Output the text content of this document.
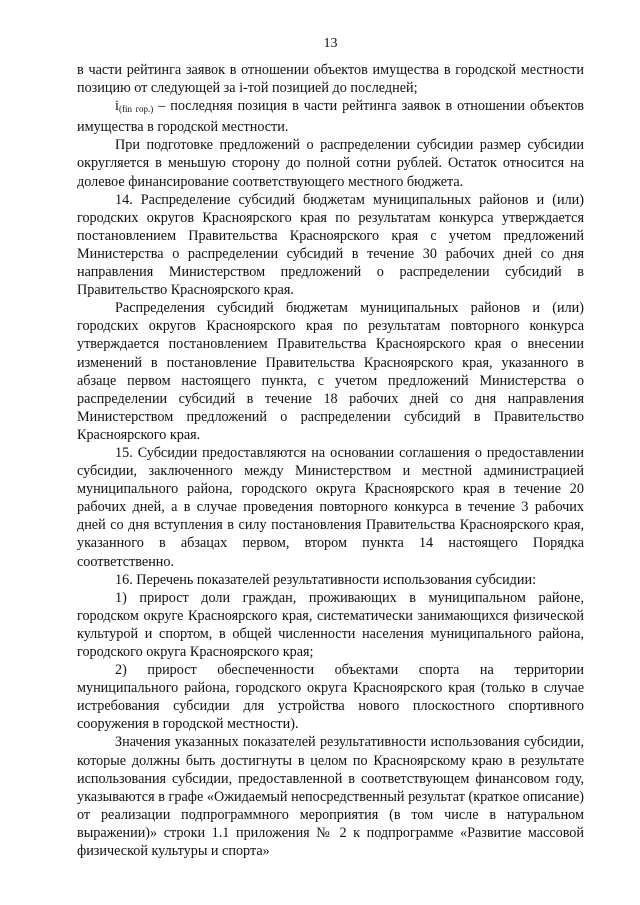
13

в части рейтинга заявок в отношении объектов имущества в городской местности позицию от следующей за i-той позицией до последней;

$i_{(fin гор.)}$ – последняя позиция в части рейтинга заявок в отношении объектов имущества в городской местности.

При подготовке предложений о распределении субсидии размер субсидии округляется в меньшую сторону до полной сотни рублей. Остаток относится на долевое финансирование соответствующего местного бюджета.

14. Распределение субсидий бюджетам муниципальных районов и (или) городских округов Красноярского края по результатам конкурса утверждается постановлением Правительства Красноярского края с учетом предложений Министерства о распределении субсидий в течение 30 рабочих дней со дня направления Министерством предложений о распределении субсидий в Правительство Красноярского края.

Распределения субсидий бюджетам муниципальных районов и (или) городских округов Красноярского края по результатам повторного конкурса утверждается постановлением Правительства Красноярского края о внесении изменений в постановление Правительства Красноярского края, указанного в абзаце первом настоящего пункта, с учетом предложений Министерства о распределении субсидий в течение 18 рабочих дней со дня направления Министерством предложений о распределении субсидий в Правительство Красноярского края.

15. Субсидии предоставляются на основании соглашения о предоставлении субсидии, заключенного между Министерством и местной администрацией муниципального района, городского округа Красноярского края в течение 20 рабочих дней, а в случае проведения повторного конкурса в течение 3 рабочих дней со дня вступления в силу постановления Правительства Красноярского края, указанного в абзацах первом, втором пункта 14 настоящего Порядка соответственно.

16. Перечень показателей результативности использования субсидии:

1) прирост доли граждан, проживающих в муниципальном районе, городском округе Красноярского края, систематически занимающихся физической культурой и спортом, в общей численности населения муниципального района, городского округа Красноярского края;

2) прирост обеспеченности объектами спорта на территории муниципального района, городского округа Красноярского края (только в случае истребования субсидии для устройства нового плоскостного спортивного сооружения в городской местности).

Значения указанных показателей результативности использования субсидии, которые должны быть достигнуты в целом по Красноярскому краю в результате использования субсидии, предоставленной в соответствующем финансовом году, указываются в графе «Ожидаемый непосредственный результат (краткое описание) от реализации подпрограммного мероприятия (в том числе в натуральном выражении)» строки 1.1 приложения № 2 к подпрограмме «Развитие массовой физической культуры и спорта»
